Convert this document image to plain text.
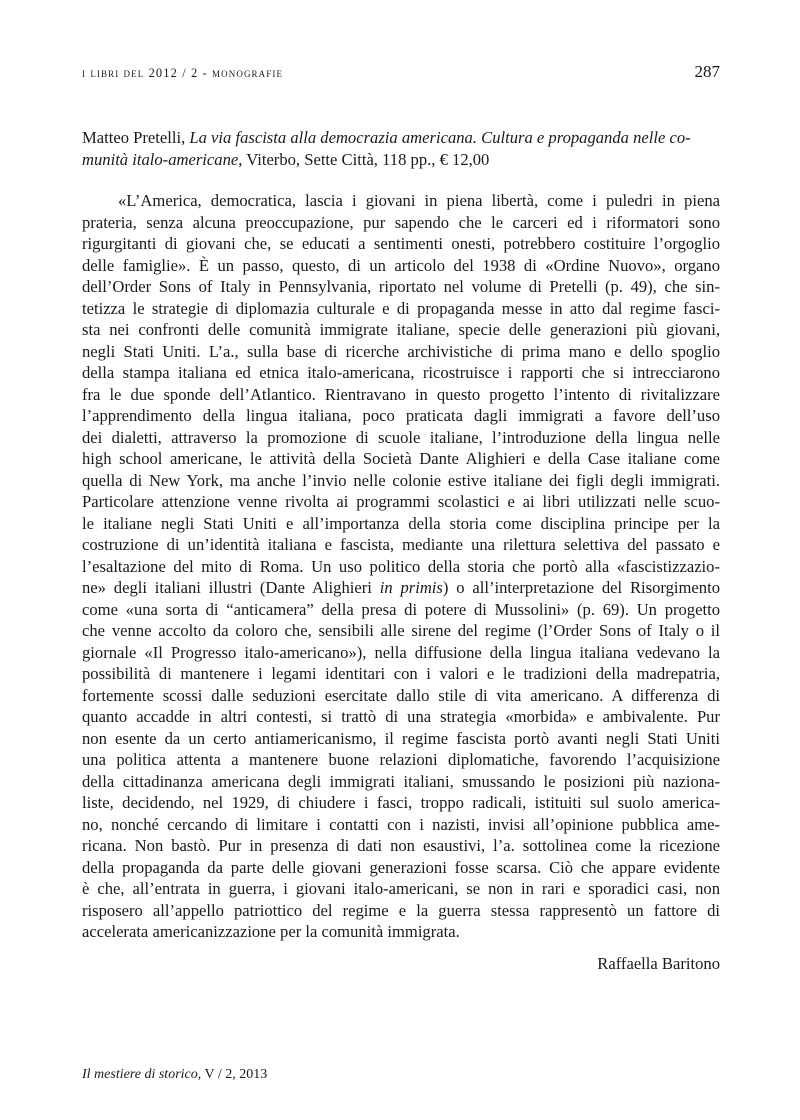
i libri del 2012 / 2 - monografie	287
Matteo Pretelli, La via fascista alla democrazia americana. Cultura e propaganda nelle co-
munità italo-americane, Viterbo, Sette Città, 118 pp., € 12,00
«L’America, democratica, lascia i giovani in piena libertà, come i puledri in piena
prateria, senza alcuna preoccupazione, pur sapendo che le carceri ed i riformatori sono
rigurgitanti di giovani che, se educati a sentimenti onesti, potrebbero costituire l’orgoglio
delle famiglie». È un passo, questo, di un articolo del 1938 di «Ordine Nuovo», organo
dell’Order Sons of Italy in Pennsylvania, riportato nel volume di Pretelli (p. 49), che sin-
tetizza le strategie di diplomazia culturale e di propaganda messe in atto dal regime fasci-
sta nei confronti delle comunità immigrate italiane, specie delle generazioni più giovani,
negli Stati Uniti. L’a., sulla base di ricerche archivistiche di prima mano e dello spoglio
della stampa italiana ed etnica italo-americana, ricostruisce i rapporti che si intrecciarono
fra le due sponde dell’Atlantico. Rientravano in questo progetto l’intento di rivitalizzare
l’apprendimento della lingua italiana, poco praticata dagli immigrati a favore dell’uso
dei dialetti, attraverso la promozione di scuole italiane, l’introduzione della lingua nelle
high school americane, le attività della Società Dante Alighieri e della Case italiane come
quella di New York, ma anche l’invio nelle colonie estive italiane dei figli degli immigrati.
Particolare attenzione venne rivolta ai programmi scolastici e ai libri utilizzati nelle scuo-
le italiane negli Stati Uniti e all’importanza della storia come disciplina principe per la
costruzione di un’identità italiana e fascista, mediante una rilettura selettiva del passato e
l’esaltazione del mito di Roma. Un uso politico della storia che portò alla «fascistizzazio-
ne» degli italiani illustri (Dante Alighieri in primis) o all’interpretazione del Risorgimento
come «una sorta di “anticamera” della presa di potere di Mussolini» (p. 69). Un progetto
che venne accolto da coloro che, sensibili alle sirene del regime (l’Order Sons of Italy o il
giornale «Il Progresso italo-americano»), nella diffusione della lingua italiana vedevano la
possibilità di mantenere i legami identitari con i valori e le tradizioni della madrepatria,
fortemente scossi dalle seduzioni esercitate dallo stile di vita americano. A differenza di
quanto accadde in altri contesti, si trattò di una strategia «morbida» e ambivalente. Pur
non esente da un certo antiamericanismo, il regime fascista portò avanti negli Stati Uniti
una politica attenta a mantenere buone relazioni diplomatiche, favorendo l’acquisizione
della cittadinanza americana degli immigrati italiani, smussando le posizioni più naziona-
liste, decidendo, nel 1929, di chiudere i fasci, troppo radicali, istituiti sul suolo america-
no, nonché cercando di limitare i contatti con i nazisti, invisi all’opinione pubblica ame-
ricana. Non bastò. Pur in presenza di dati non esaustivi, l’a. sottolinea come la ricezione
della propaganda da parte delle giovani generazioni fosse scarsa. Ciò che appare evidente
è che, all’entrata in guerra, i giovani italo-americani, se non in rari e sporadici casi, non
risposero all’appello patriottico del regime e la guerra stessa rappresentò un fattore di
accelerata americanizzazione per la comunità immigrata.
Raffaella Baritono
Il mestiere di storico, V / 2, 2013
